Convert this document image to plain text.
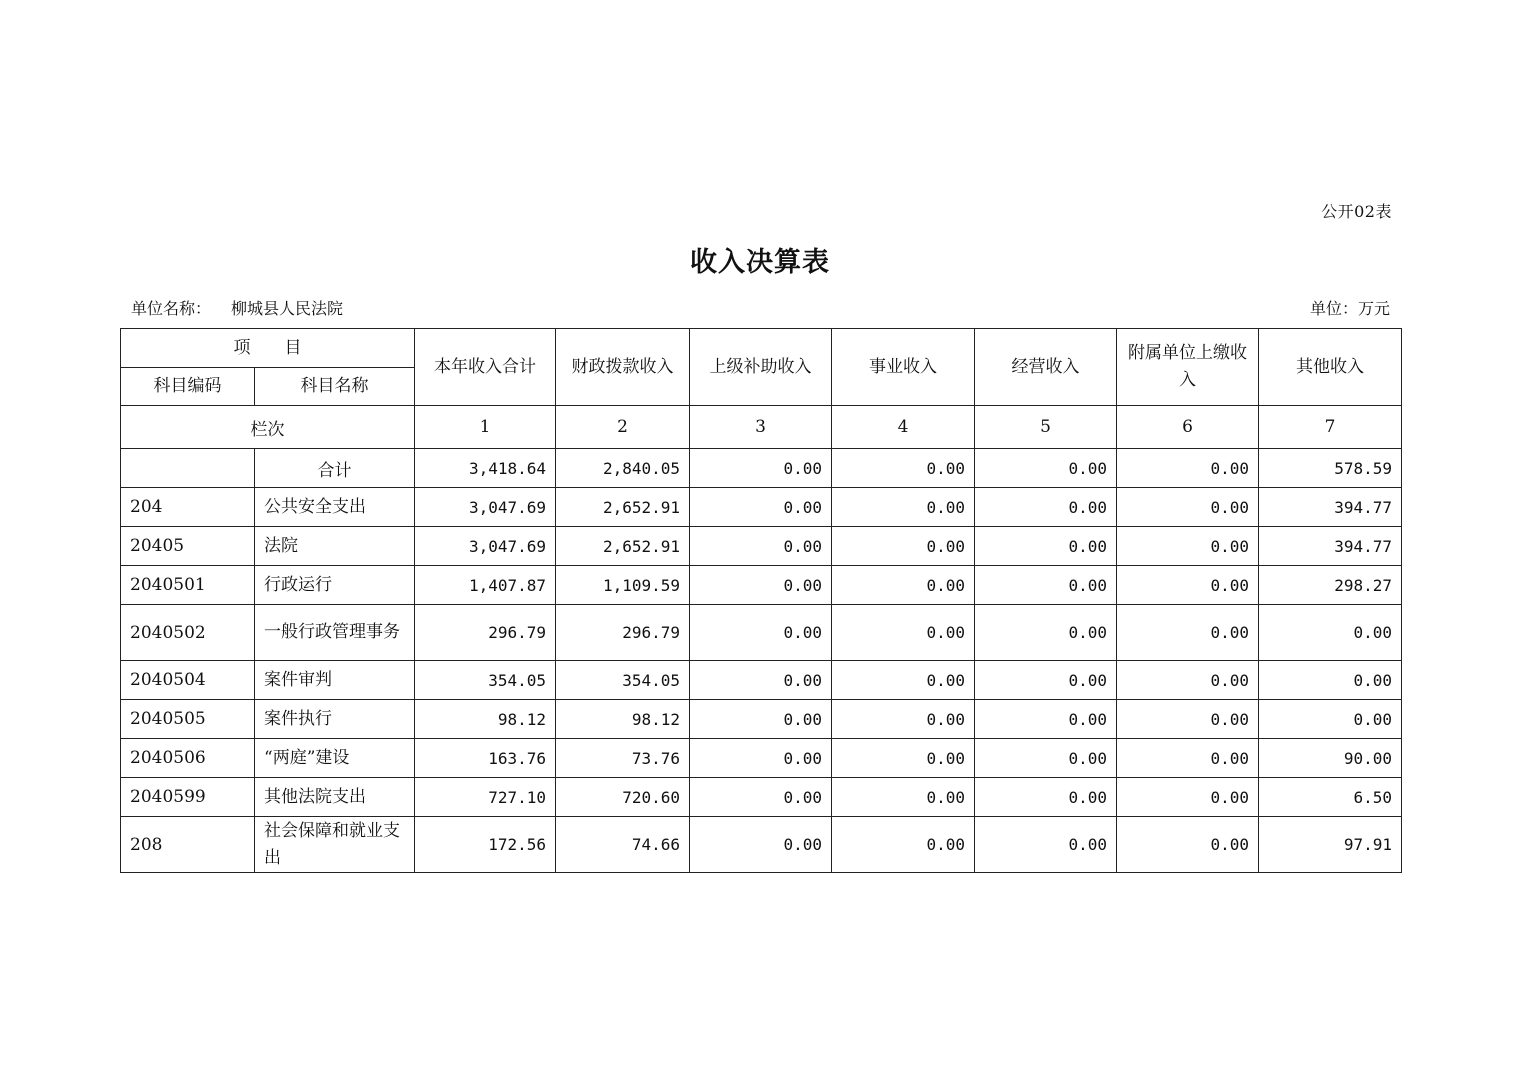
公开02表
收入决算表
单位名称： 柳城县人民法院	单位：万元
项　　目		本年收入合计	财政拨款收入	上级补助收入	事业收入	经营收入	附属单位上缴收入	其他收入
科目编码	科目名称							
栏次		1	2	3	4	5	6	7
	合计	3,418.64	2,840.05	0.00	0.00	0.00	0.00	578.59
204	公共安全支出	3,047.69	2,652.91	0.00	0.00	0.00	0.00	394.77
20405	法院	3,047.69	2,652.91	0.00	0.00	0.00	0.00	394.77
2040501	行政运行	1,407.87	1,109.59	0.00	0.00	0.00	0.00	298.27
2040502	一般行政管理事务	296.79	296.79	0.00	0.00	0.00	0.00	0.00
2040504	案件审判	354.05	354.05	0.00	0.00	0.00	0.00	0.00
2040505	案件执行	98.12	98.12	0.00	0.00	0.00	0.00	0.00
2040506	“两庭”建设	163.76	73.76	0.00	0.00	0.00	0.00	90.00
2040599	其他法院支出	727.10	720.60	0.00	0.00	0.00	0.00	6.50
208	社会保障和就业支出	172.56	74.66	0.00	0.00	0.00	0.00	97.91
